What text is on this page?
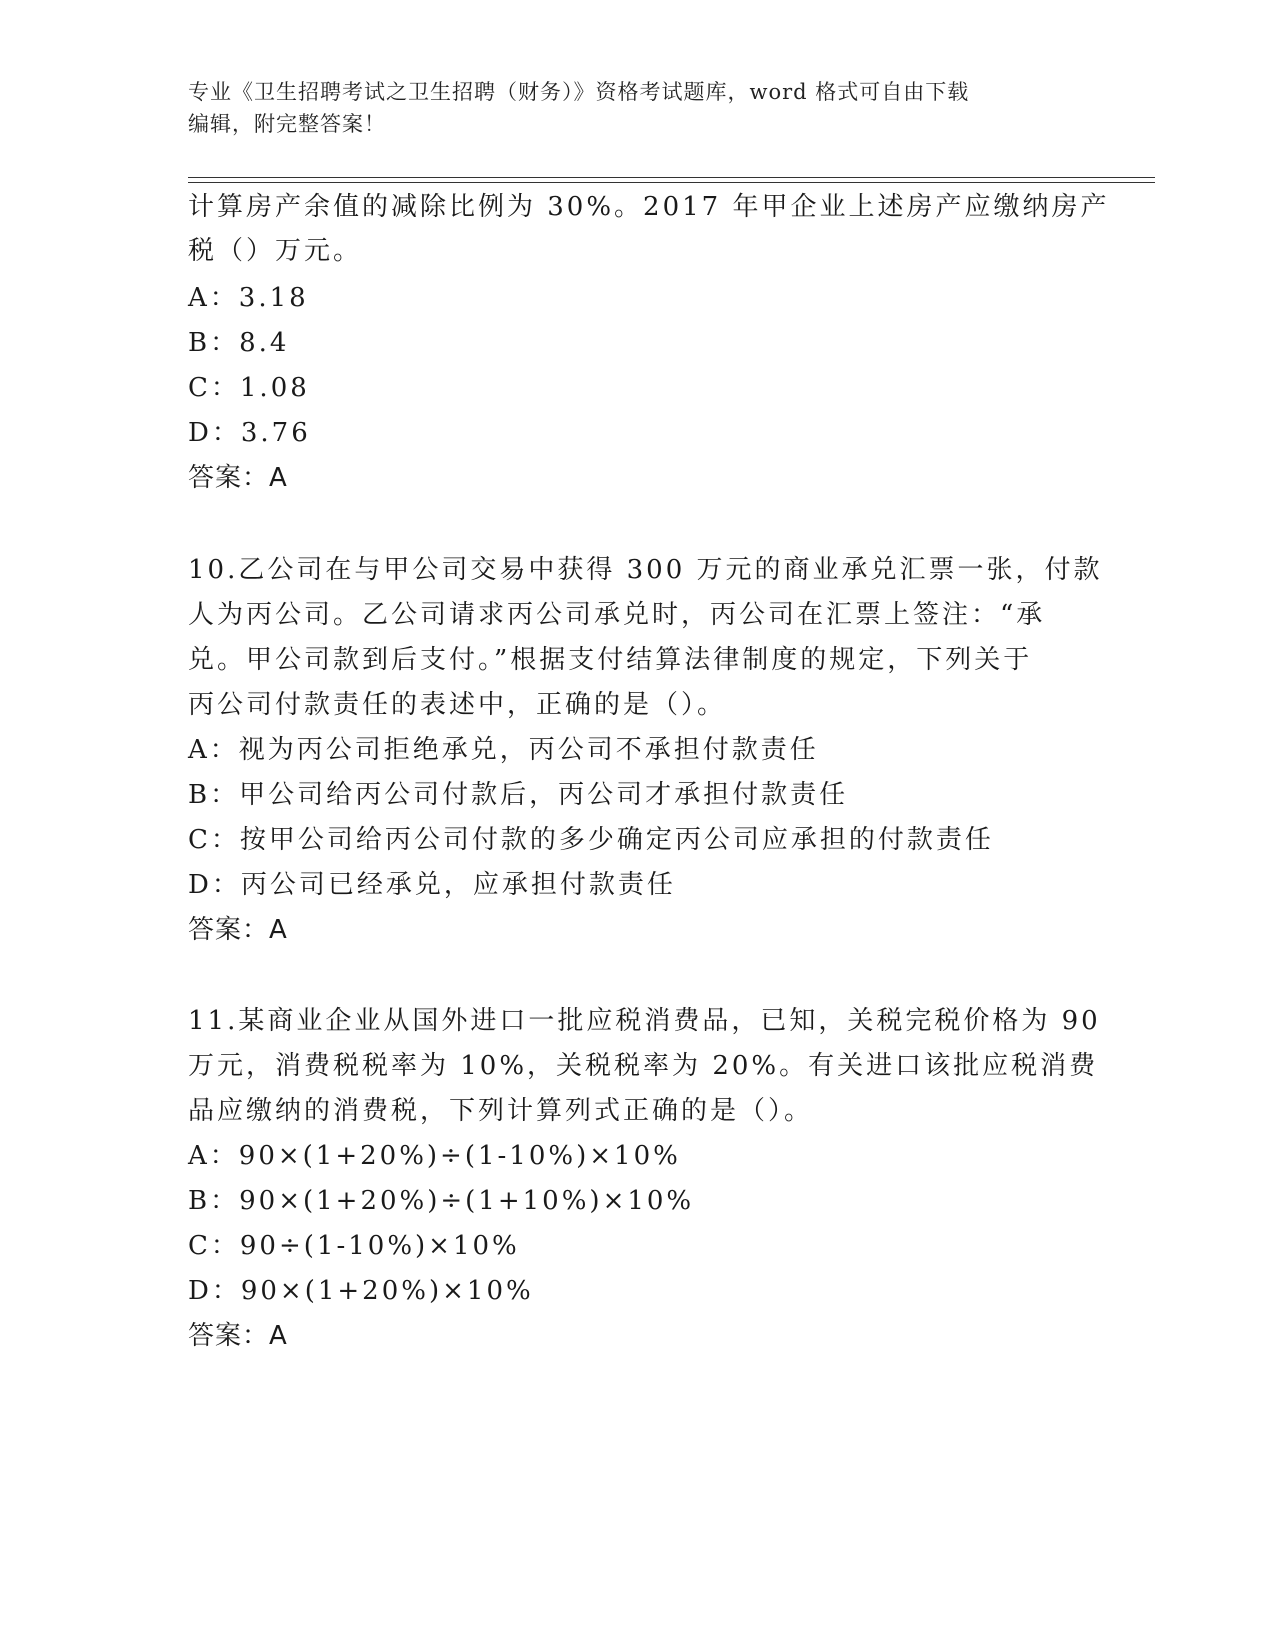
专业《卫生招聘考试之卫生招聘（财务）》资格考试题库，word 格式可自由下载
编辑，附完整答案！
计算房产余值的减除比例为 30%。2017 年甲企业上述房产应缴纳房产
税（）万元。
A：3.18
B：8.4
C：1.08
D：3.76
答案：A
10.乙公司在与甲公司交易中获得 300 万元的商业承兑汇票一张，付款
人为丙公司。乙公司请求丙公司承兑时，丙公司在汇票上签注：“承
兑。甲公司款到后支付。”根据支付结算法律制度的规定，下列关于
丙公司付款责任的表述中，正确的是（）。
A：视为丙公司拒绝承兑，丙公司不承担付款责任
B：甲公司给丙公司付款后，丙公司才承担付款责任
C：按甲公司给丙公司付款的多少确定丙公司应承担的付款责任
D：丙公司已经承兑，应承担付款责任
答案：A
11.某商业企业从国外进口一批应税消费品，已知，关税完税价格为 90
万元，消费税税率为 10%，关税税率为 20%。有关进口该批应税消费
品应缴纳的消费税，下列计算列式正确的是（）。
A：90×(1+20%)÷(1-10%)×10%
B：90×(1+20%)÷(1+10%)×10%
C：90÷(1-10%)×10%
D：90×(1+20%)×10%
答案：A
